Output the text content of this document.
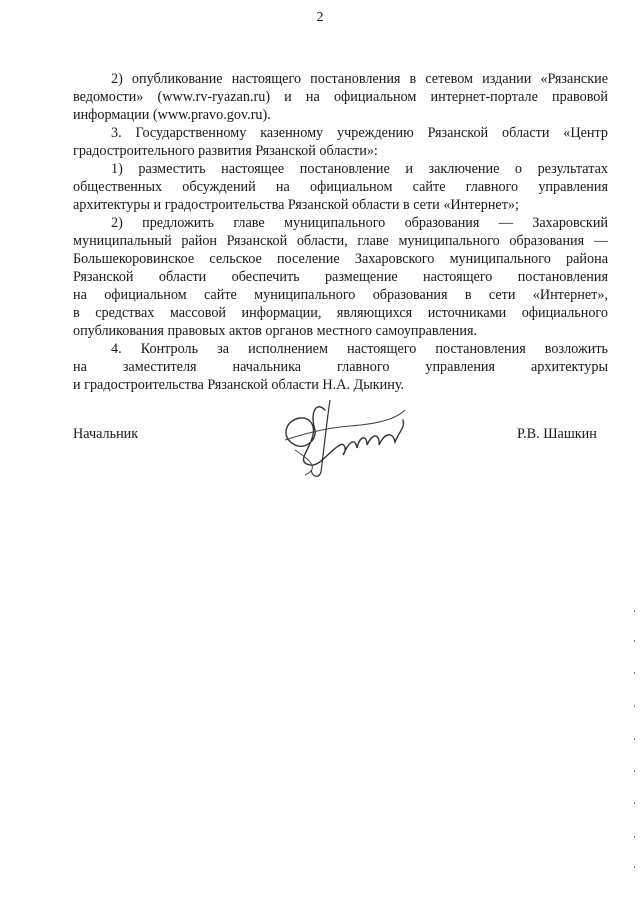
2
2) опубликование настоящего постановления в сетевом издании «Рязанские
ведомости» (www.rv-ryazan.ru) и на официальном интернет-портале правовой
информации (www.pravo.gov.ru).
3. Государственному казенному учреждению Рязанской области «Центр
градостроительного развития Рязанской области»:
1) разместить настоящее постановление и заключение о результатах
общественных обсуждений на официальном сайте главного управления
архитектуры и градостроительства Рязанской области в сети «Интернет»;
2) предложить главе муниципального образования — Захаровский
муниципальный район Рязанской области, главе муниципального образования —
Большекоровинское сельское поселение Захаровского муниципального района
Рязанской области обеспечить размещение настоящего постановления
на официальном сайте муниципального образования в сети «Интернет»,
в средствах массовой информации, являющихся источниками официального
опубликования правовых актов органов местного самоуправления.
4. Контроль за исполнением настоящего постановления возложить
на заместителя начальника главного управления архитектуры
и градостроительства Рязанской области Н.А. Дыкину.
Начальник	Р.В. Шашкин
